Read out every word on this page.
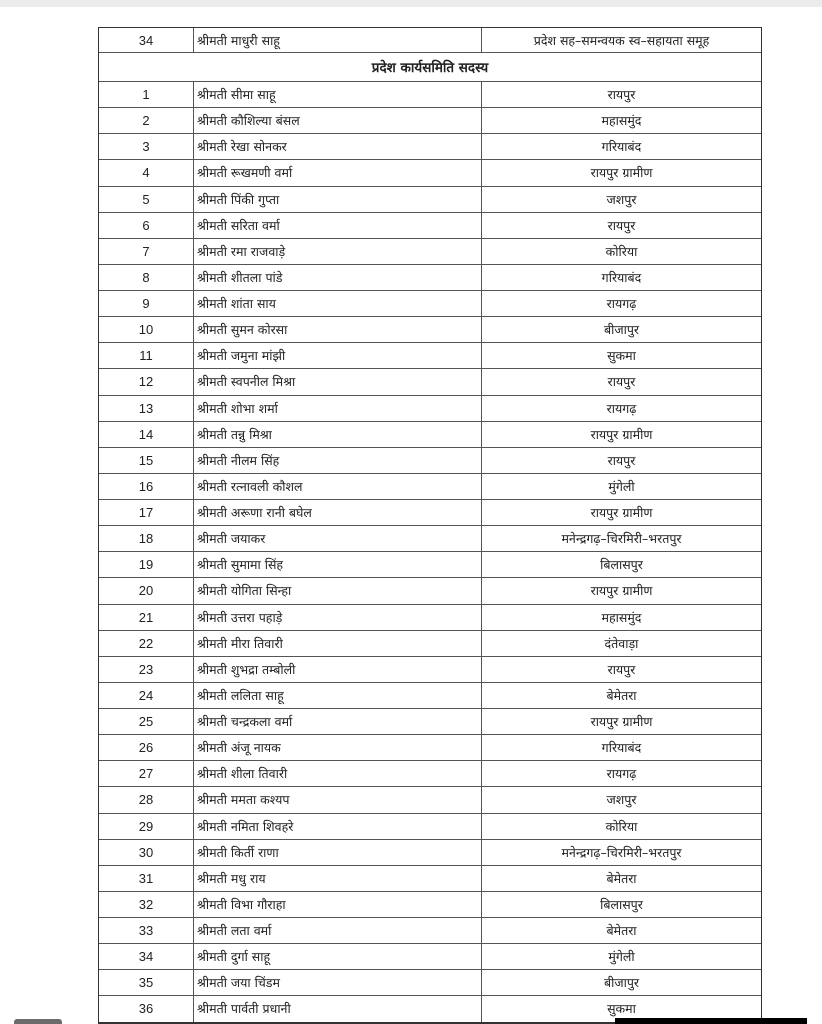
34	श्रीमती माधुरी साहू	प्रदेश सह–समन्वयक स्व–सहायता समूह
प्रदेश कार्यसमिति सदस्य
1	श्रीमती सीमा साहू	रायपुर
2	श्रीमती कौशिल्या बंसल	महासमुंद
3	श्रीमती रेखा सोनकर	गरियाबंद
4	श्रीमती रूखमणी वर्मा	रायपुर ग्रामीण
5	श्रीमती पिंकी गुप्ता	जशपुर
6	श्रीमती सरिता वर्मा	रायपुर
7	श्रीमती रमा राजवाड़े	कोरिया
8	श्रीमती शीतला पांडे	गरियाबंद
9	श्रीमती शांता साय	रायगढ़
10	श्रीमती सुमन कोरसा	बीजापुर
11	श्रीमती जमुना मांझी	सुकमा
12	श्रीमती स्वपनील मिश्रा	रायपुर
13	श्रीमती शोभा शर्मा	रायगढ़
14	श्रीमती तन्नु मिश्रा	रायपुर ग्रामीण
15	श्रीमती नीलम सिंह	रायपुर
16	श्रीमती रत्नावली कौशल	मुंगेली
17	श्रीमती अरूणा रानी बघेल	रायपुर ग्रामीण
18	श्रीमती जयाकर	मनेन्द्रगढ़–चिरमिरी–भरतपुर
19	श्रीमती सुमामा सिंह	बिलासपुर
20	श्रीमती योगिता सिन्हा	रायपुर ग्रामीण
21	श्रीमती उत्तरा पहाड़े	महासमुंद
22	श्रीमती मीरा तिवारी	दंतेवाड़ा
23	श्रीमती शुभद्रा तम्बोली	रायपुर
24	श्रीमती ललिता साहू	बेमेतरा
25	श्रीमती चन्द्रकला वर्मा	रायपुर ग्रामीण
26	श्रीमती अंजू नायक	गरियाबंद
27	श्रीमती शीला तिवारी	रायगढ़
28	श्रीमती ममता कश्यप	जशपुर
29	श्रीमती नमिता शिवहरे	कोरिया
30	श्रीमती किर्ती राणा	मनेन्द्रगढ़–चिरमिरी–भरतपुर
31	श्रीमती मधु राय	बेमेतरा
32	श्रीमती विभा गौराहा	बिलासपुर
33	श्रीमती लता वर्मा	बेमेतरा
34	श्रीमती दुर्गा साहू	मुंगेली
35	श्रीमती जया चिंडम	बीजापुर
36	श्रीमती पार्वती प्रधानी	सुकमा
